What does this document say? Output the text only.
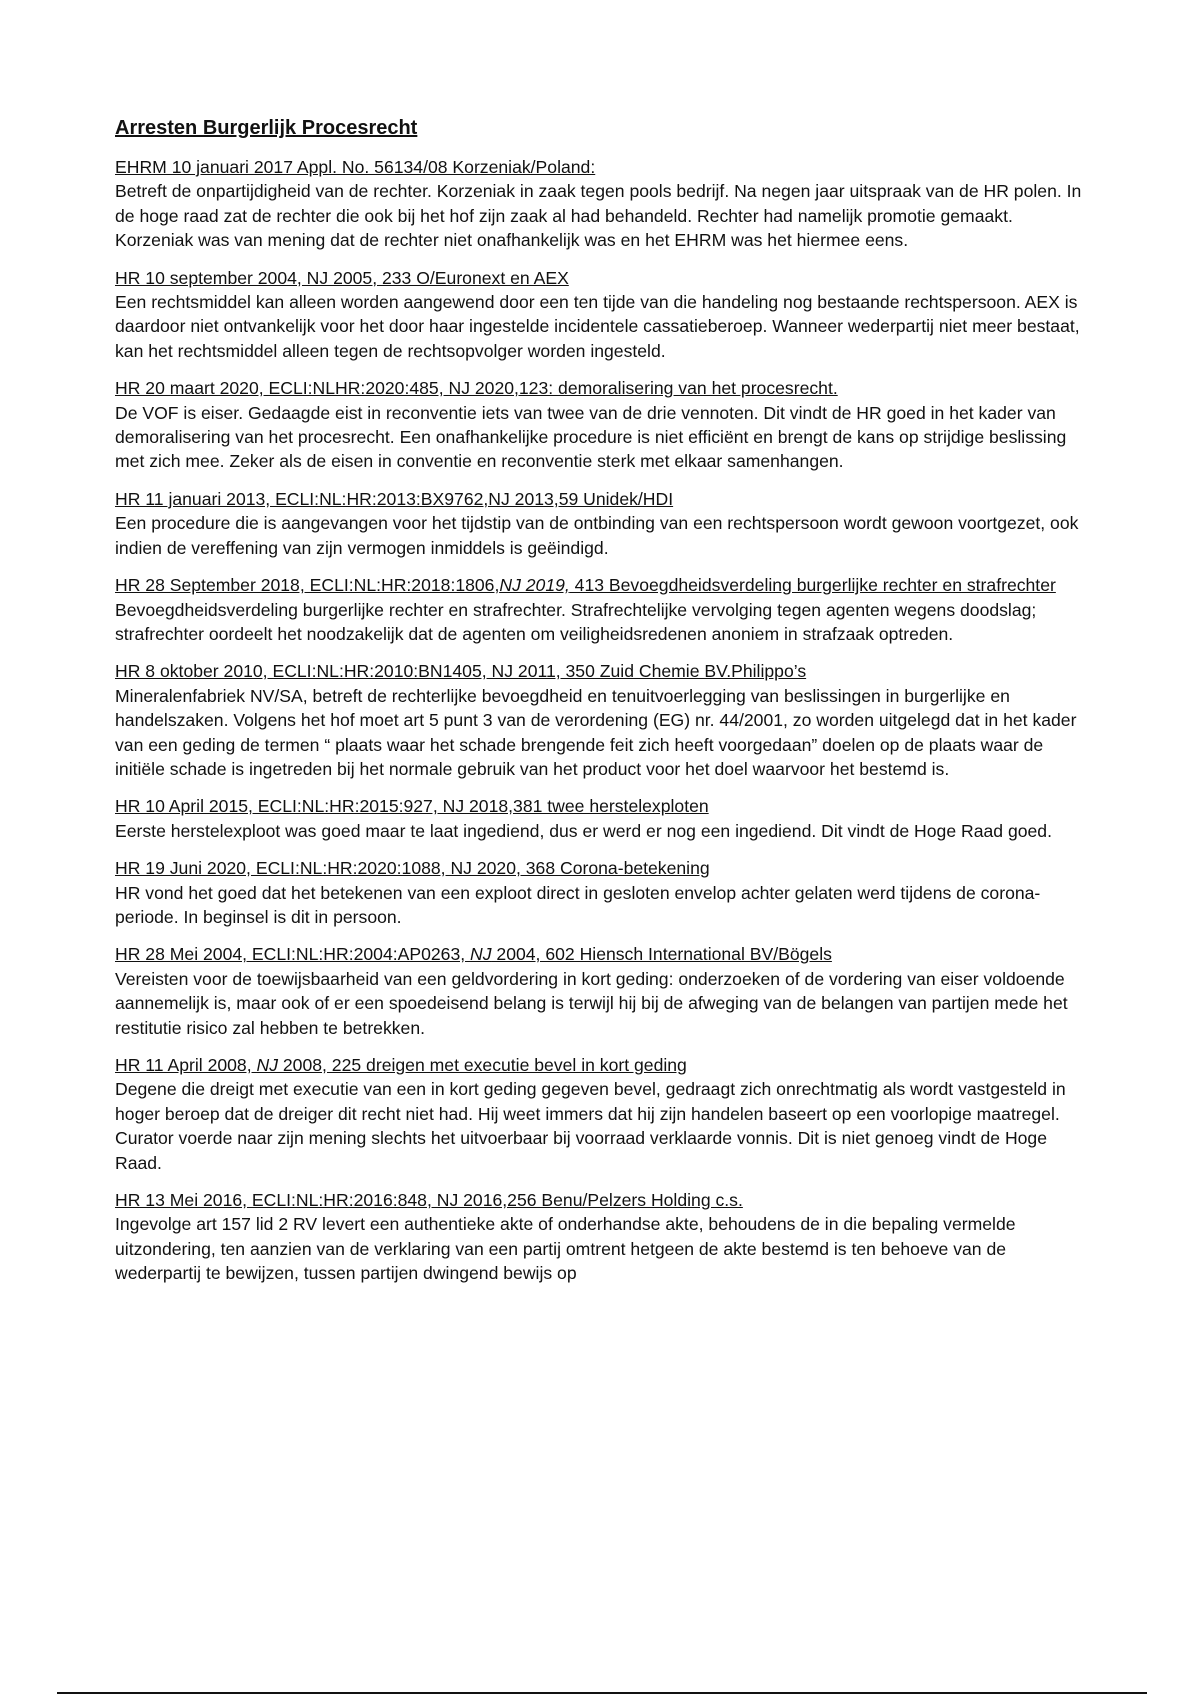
Arresten Burgerlijk Procesrecht
EHRM 10 januari 2017 Appl. No. 56134/08 Korzeniak/Poland:
Betreft de onpartijdigheid van de rechter. Korzeniak in zaak tegen pools bedrijf. Na negen jaar uitspraak van de HR polen. In de hoge raad zat de rechter die ook bij het hof zijn zaak al had behandeld. Rechter had namelijk promotie gemaakt. Korzeniak was van mening dat de rechter niet onafhankelijk was en het EHRM was het hiermee eens.
HR 10 september 2004, NJ 2005, 233 O/Euronext en AEX
Een rechtsmiddel kan alleen worden aangewend door een ten tijde van die handeling nog bestaande rechtspersoon. AEX is daardoor niet ontvankelijk voor het door haar ingestelde incidentele cassatieberoep. Wanneer wederpartij niet meer bestaat, kan het rechtsmiddel alleen tegen de rechtsopvolger worden ingesteld.
HR 20 maart 2020, ECLI:NLHR:2020:485, NJ 2020,123: demoralisering van het procesrecht.
De VOF is eiser. Gedaagde eist in reconventie iets van twee van de drie vennoten. Dit vindt de HR goed in het kader van demoralisering van het procesrecht. Een onafhankelijke procedure is niet efficiënt en brengt de kans op strijdige beslissing met zich mee. Zeker als de eisen in conventie en reconventie sterk met elkaar samenhangen.
HR 11 januari 2013, ECLI:NL:HR:2013:BX9762,NJ 2013,59 Unidek/HDI
Een procedure die is aangevangen voor het tijdstip van de ontbinding van een rechtspersoon wordt gewoon voortgezet, ook indien de vereffening van zijn vermogen inmiddels is geëindigd.
HR 28 September 2018, ECLI:NL:HR:2018:1806,NJ 2019, 413 Bevoegdheidsverdeling burgerlijke rechter en strafrechter
Bevoegdheidsverdeling burgerlijke rechter en strafrechter. Strafrechtelijke vervolging tegen agenten wegens doodslag; strafrechter oordeelt het noodzakelijk dat de agenten om veiligheidsredenen anoniem in strafzaak optreden.
HR 8 oktober 2010, ECLI:NL:HR:2010:BN1405, NJ 2011, 350 Zuid Chemie BV.Philippo’s
Mineralenfabriek NV/SA, betreft de rechterlijke bevoegdheid en tenuitvoerlegging van beslissingen in burgerlijke en handelszaken. Volgens het hof moet art 5 punt 3 van de verordening (EG) nr. 44/2001, zo worden uitgelegd dat in het kader van een geding de termen “ plaats waar het schade brengende feit zich heeft voorgedaan” doelen op de plaats waar de initiële schade is ingetreden bij het normale gebruik van het product voor het doel waarvoor het bestemd is.
HR 10 April 2015, ECLI:NL:HR:2015:927, NJ 2018,381 twee herstelexploten
Eerste herstelexploot was goed maar te laat ingediend, dus er werd er nog een ingediend. Dit vindt de Hoge Raad goed.
HR 19 Juni 2020, ECLI:NL:HR:2020:1088, NJ 2020, 368 Corona-betekening
HR vond het goed dat het betekenen van een exploot direct in gesloten envelop achter gelaten werd tijdens de corona-periode. In beginsel is dit in persoon.
HR 28 Mei 2004, ECLI:NL:HR:2004:AP0263, NJ 2004, 602 Hiensch International BV/Bögels
Vereisten voor de toewijsbaarheid van een geldvordering in kort geding: onderzoeken of de vordering van eiser voldoende aannemelijk is, maar ook of er een spoedeisend belang is terwijl hij bij de afweging van de belangen van partijen mede het restitutie risico zal hebben te betrekken.
HR 11 April 2008, NJ 2008, 225 dreigen met executie bevel in kort geding
Degene die dreigt met executie van een in kort geding gegeven bevel, gedraagt zich onrechtmatig als wordt vastgesteld in hoger beroep dat de dreiger dit recht niet had. Hij weet immers dat hij zijn handelen baseert op een voorlopige maatregel. Curator voerde naar zijn mening slechts het uitvoerbaar bij voorraad verklaarde vonnis. Dit is niet genoeg vindt de Hoge Raad.
HR 13 Mei 2016, ECLI:NL:HR:2016:848, NJ 2016,256 Benu/Pelzers Holding c.s.
Ingevolge art 157 lid 2 RV levert een authentieke akte of onderhandse akte, behoudens de in die bepaling vermelde uitzondering, ten aanzien van de verklaring van een partij omtrent hetgeen de akte bestemd is ten behoeve van de wederpartij te bewijzen, tussen partijen dwingend bewijs op
